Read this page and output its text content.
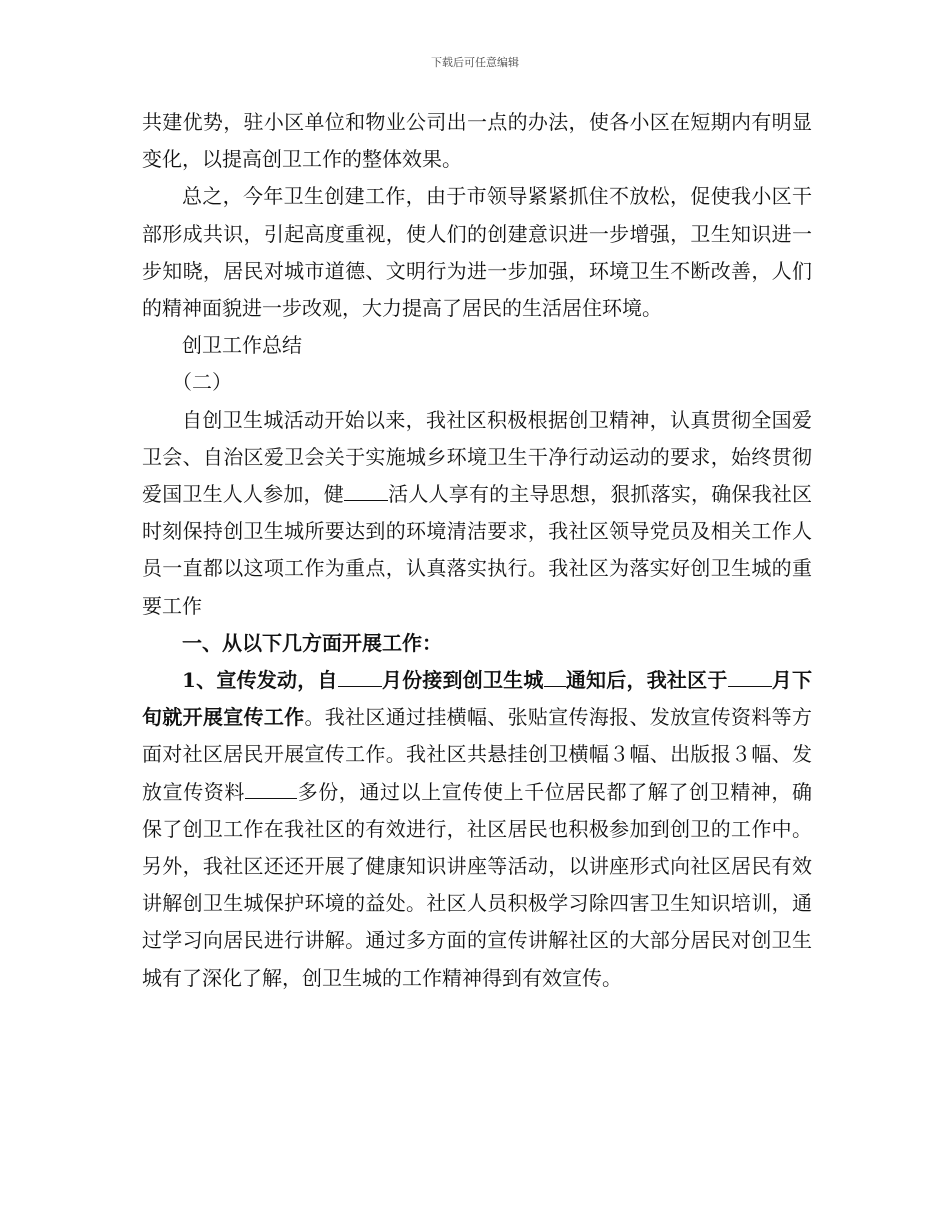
下载后可任意编辑

共建优势，驻小区单位和物业公司出一点的办法，使各小区在短期内有明显变化，以提高创卫工作的整体效果。

总之，今年卫生创建工作，由于市领导紧紧抓住不放松，促使我小区干部形成共识，引起高度重视，使人们的创建意识进一步增强，卫生知识进一步知晓，居民对城市道德、文明行为进一步加强，环境卫生不断改善，人们的精神面貌进一步改观，大力提高了居民的生活居住环境。

创卫工作总结

（二）

自创卫生城活动开始以来，我社区积极根据创卫精神，认真贯彻全国爱卫会、自治区爱卫会关于实施城乡环境卫生干净行动运动的要求，始终贯彻爱国卫生人人参加，健 活人人享有的主导思想，狠抓落实，确保我社区时刻保持创卫生城所要达到的环境清洁要求，我社区领导党员及相关工作人员一直都以这项工作为重点，认真落实执行。我社区为落实好创卫生城的重要工作

一、从以下几方面开展工作：

1、宣传发动，自 月份接到创卫生城 通知后，我社区于 月下旬就开展宣传工作。我社区通过挂横幅、张贴宣传海报、发放宣传资料等方面对社区居民开展宣传工作。我社区共悬挂创卫横幅３幅、出版报３幅、发放宣传资料	多份，通过以上宣传使上千位居民都了解了创卫精神，确保了创卫工作在我社区的有效进行，社区居民也积极参加到创卫的工作中。另外，我社区还还开展了健康知识讲座等活动，以讲座形式向社区居民有效讲解创卫生城保护环境的益处。社区人员积极学习除四害卫生知识培训，通过学习向居民进行讲解。通过多方面的宣传讲解社区的大部分居民对创卫生城有了深化了解，创卫生城的工作精神得到有效宣传。
